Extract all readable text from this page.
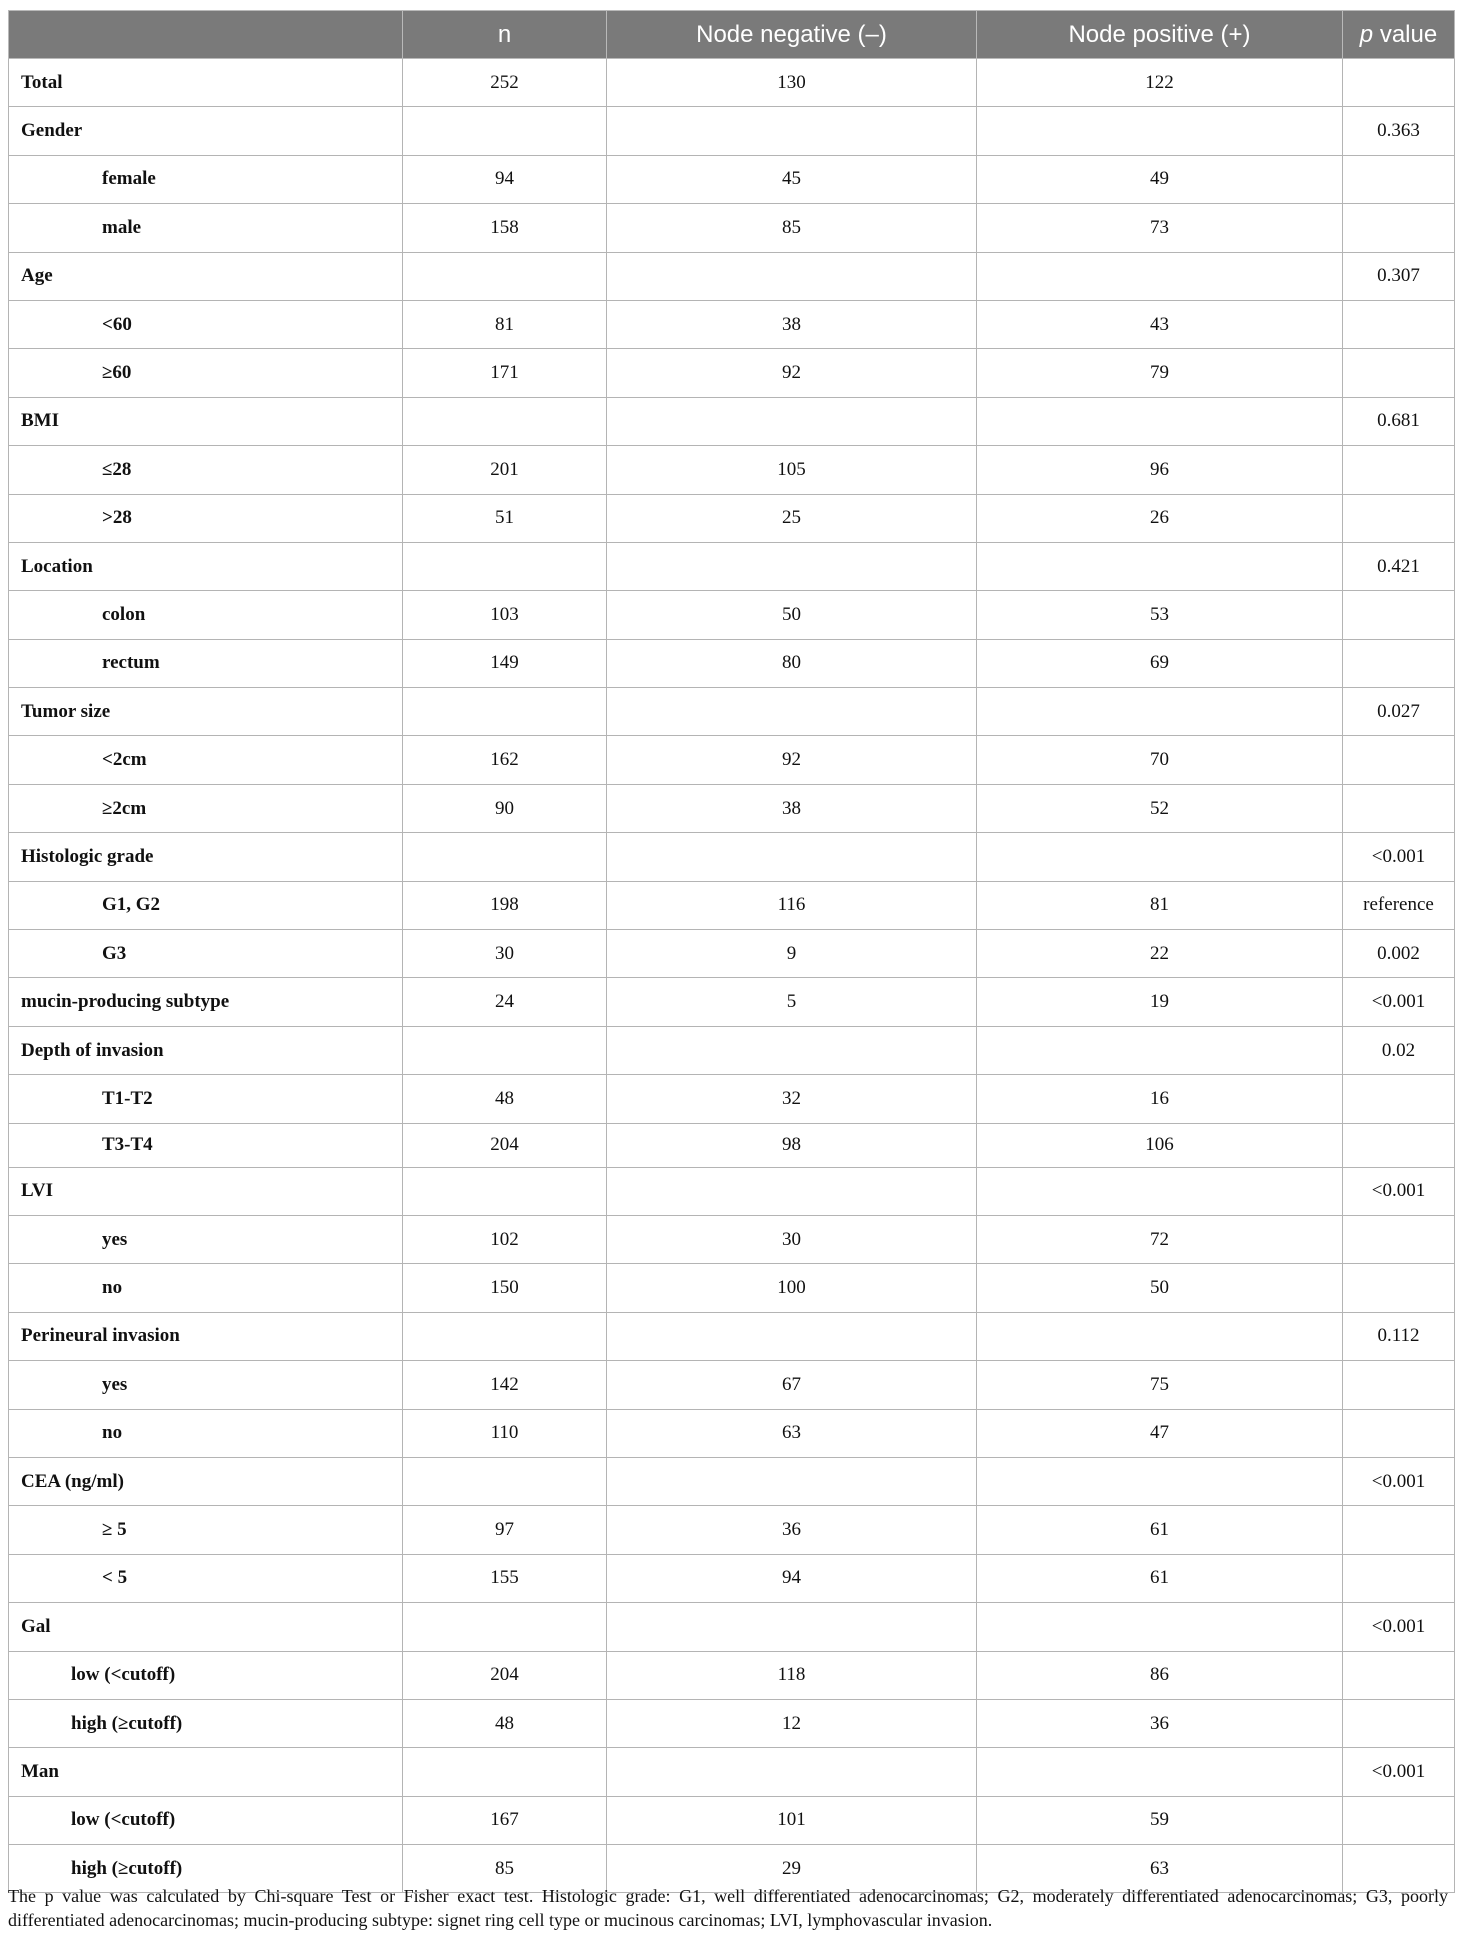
	n	Node negative (–)	Node positive (+)	p value
Total	252	130	122	
Gender				0.363
female	94	45	49	
male	158	85	73	
Age				0.307
<60	81	38	43	
≥60	171	92	79	
BMI				0.681
≤28	201	105	96	
>28	51	25	26	
Location				0.421
colon	103	50	53	
rectum	149	80	69	
Tumor size				0.027
<2cm	162	92	70	
≥2cm	90	38	52	
Histologic grade				<0.001
G1, G2	198	116	81	reference
G3	30	9	22	0.002
mucin-producing subtype	24	5	19	<0.001
Depth of invasion				0.02
T1-T2	48	32	16	
T3-T4	204	98	106	
LVI				<0.001
yes	102	30	72	
no	150	100	50	
Perineural invasion				0.112
yes	142	67	75	
no	110	63	47	
CEA (ng/ml)				<0.001
≥ 5	97	36	61	
< 5	155	94	61	
Gal				<0.001
low (<cutoff)	204	118	86	
high (≥cutoff)	48	12	36	
Man				<0.001
low (<cutoff)	167	101	59	
high (≥cutoff)	85	29	63	
The p value was calculated by Chi-square Test or Fisher exact test. Histologic grade: G1, well differentiated adenocarcinomas; G2, moderately differentiated adenocarcinomas; G3, poorly differentiated adenocarcinomas; mucin-producing subtype: signet ring cell type or mucinous carcinomas; LVI, lymphovascular invasion.
